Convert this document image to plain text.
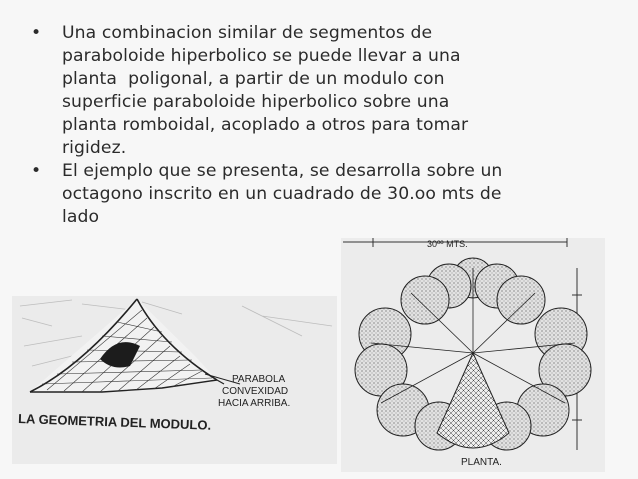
• Una combinacion similar de segmentos de
paraboloide hiperbolico se puede llevar a una
planta  poligonal, a partir de un modulo con
superficie paraboloide hiperbolico sobre una
planta romboidal, acoplado a otros para tomar
rigidez.
• El ejemplo que se presenta, se desarrolla sobre un
octagono inscrito en un cuadrado de 30.oo mts de
lado
PARABOLA
CONVEXIDAD
HACIA ARRIBA.
LA GEOMETRIA DEL MODULO.
30ºº MTS.
PLANTA.
